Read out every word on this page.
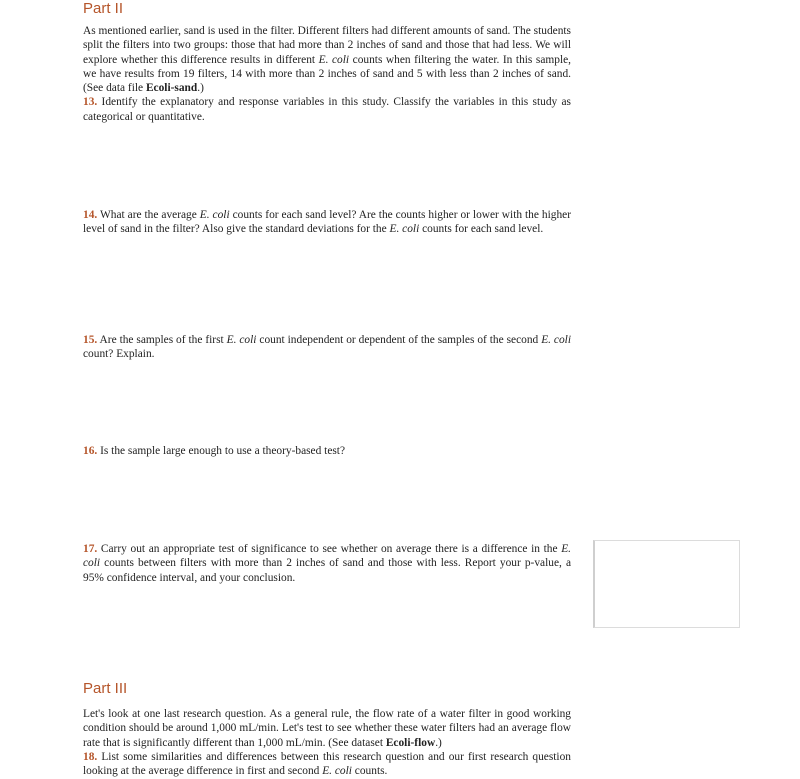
Part II

As mentioned earlier, sand is used in the filter. Different filters had different amounts of sand. The students split the filters into two groups: those that had more than 2 inches of sand and those that had less. We will explore whether this difference results in different E. coli counts when filtering the water. In this sample, we have results from 19 filters, 14 with more than 2 inches of sand and 5 with less than 2 inches of sand. (See data file Ecoli-sand.)
13. Identify the explanatory and response variables in this study. Classify the variables in this study as categorical or quantitative.

14. What are the average E. coli counts for each sand level? Are the counts higher or lower with the higher level of sand in the filter? Also give the standard deviations for the E. coli counts for each sand level.

15. Are the samples of the first E. coli count independent or dependent of the samples of the second E. coli count? Explain.

16. Is the sample large enough to use a theory-based test?

17. Carry out an appropriate test of significance to see whether on average there is a difference in the E. coli counts between filters with more than 2 inches of sand and those with less. Report your p-value, a 95% confidence interval, and your conclusion.

Part III

Let's look at one last research question. As a general rule, the flow rate of a water filter in good working condition should be around 1,000 mL/min. Let's test to see whether these water filters had an average flow rate that is significantly different than 1,000 mL/min. (See dataset Ecoli-flow.)
18. List some similarities and differences between this research question and our first research question looking at the average difference in first and second E. coli counts.
